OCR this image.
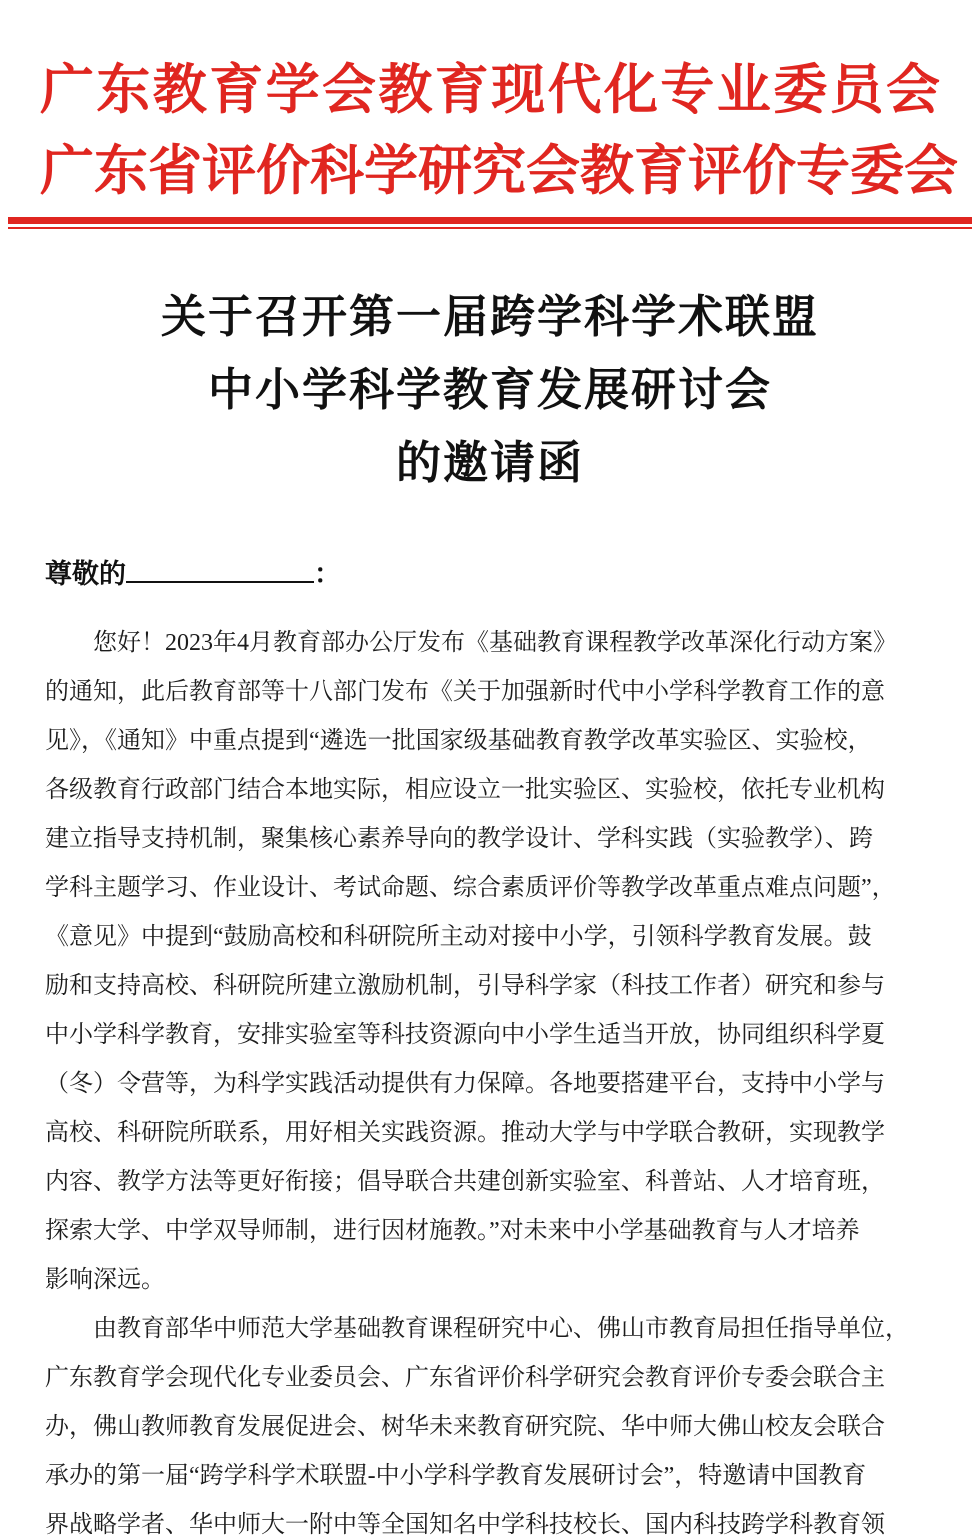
广东教育学会教育现代化专业委员会
广东省评价科学研究会教育评价专委会
关于召开第一届跨学科学术联盟
中小学科学教育发展研讨会
的邀请函
尊敬的	：
您好！2023年4月教育部办公厅发布《基础教育课程教学改革深化行动方案》
的通知，此后教育部等十八部门发布《关于加强新时代中小学科学教育工作的意
见》，《通知》中重点提到“遴选一批国家级基础教育教学改革实验区、实验校，
各级教育行政部门结合本地实际，相应设立一批实验区、实验校，依托专业机构
建立指导支持机制，聚集核心素养导向的教学设计、学科实践（实验教学）、跨
学科主题学习、作业设计、考试命题、综合素质评价等教学改革重点难点问题”，
《意见》中提到“鼓励高校和科研院所主动对接中小学，引领科学教育发展。鼓
励和支持高校、科研院所建立激励机制，引导科学家（科技工作者）研究和参与
中小学科学教育，安排实验室等科技资源向中小学生适当开放，协同组织科学夏
（冬）令营等，为科学实践活动提供有力保障。各地要搭建平台，支持中小学与
高校、科研院所联系，用好相关实践资源。推动大学与中学联合教研，实现教学
内容、教学方法等更好衔接；倡导联合共建创新实验室、科普站、人才培育班，
探索大学、中学双导师制，进行因材施教。”对未来中小学基础教育与人才培养
影响深远。
由教育部华中师范大学基础教育课程研究中心、佛山市教育局担任指导单位，
广东教育学会现代化专业委员会、广东省评价科学研究会教育评价专委会联合主
办，佛山教师教育发展促进会、树华未来教育研究院、华中师大佛山校友会联合
承办的第一届“跨学科学术联盟-中小学科学教育发展研讨会”，特邀请中国教育
界战略学者、华中师大一附中等全国知名中学科技校长、国内科技跨学科教育领
